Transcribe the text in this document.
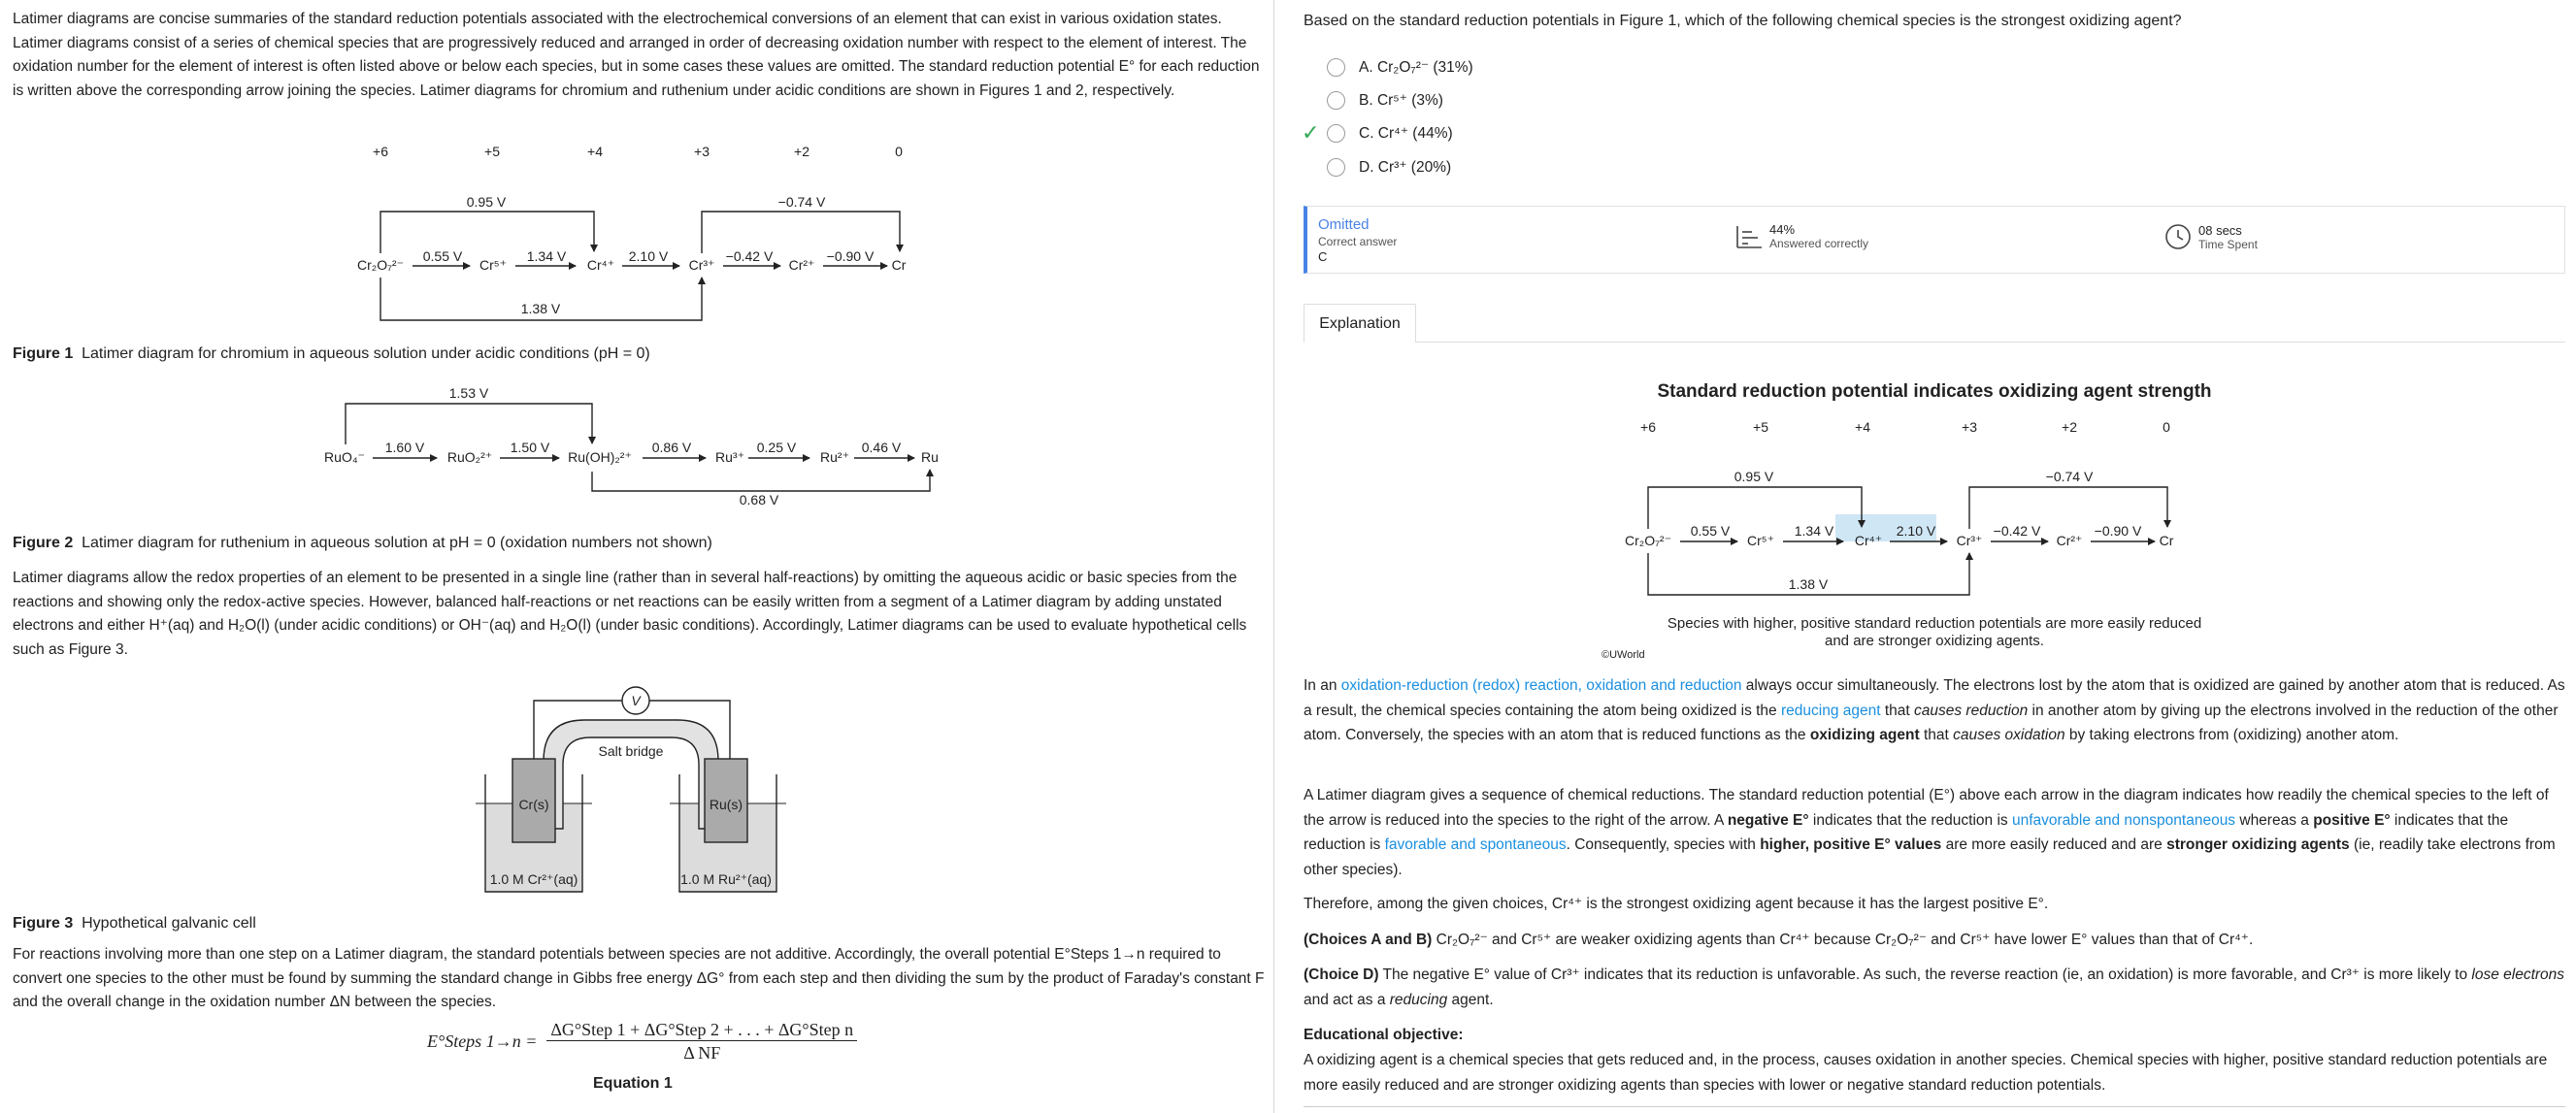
Latimer diagrams are concise summaries of the standard reduction potentials associated with the electrochemical conversions of an element that can exist in various oxidation states. Latimer diagrams consist of a series of chemical species that are progressively reduced and arranged in order of decreasing oxidation number with respect to the element of interest. The oxidation number for the element of interest is often listed above or below each species, but in some cases these values are omitted. The standard reduction potential E° for each reduction is written above the corresponding arrow joining the species. Latimer diagrams for chromium and ruthenium under acidic conditions are shown in Figures 1 and 2, respectively.
+6	+5	+4	+3	+2	0
0.95 V	−0.74 V
1.38 V
0.55 V	1.34 V	2.10 V	−0.42 V	−0.90 V
Cr₂O₇²⁻	Cr⁵⁺	Cr⁴⁺	Cr³⁺	Cr²⁺	Cr
Figure 1 Latimer diagram for chromium in aqueous solution under acidic conditions (pH = 0)
1.53 V
0.68 V
1.60 V	1.50 V	0.86 V	0.25 V	0.46 V
RuO₄⁻	RuO₂²⁺	Ru(OH)₂²⁺	Ru³⁺	Ru²⁺	Ru
Figure 2 Latimer diagram for ruthenium in aqueous solution at pH = 0 (oxidation numbers not shown)
Latimer diagrams allow the redox properties of an element to be presented in a single line (rather than in several half-reactions) by omitting the aqueous acidic or basic species from the reactions and showing only the redox-active species. However, balanced half-reactions or net reactions can be easily written from a segment of a Latimer diagram by adding unstated electrons and either H⁺(aq) and H₂O(l) (under acidic conditions) or OH⁻(aq) and H₂O(l) (under basic conditions). Accordingly, Latimer diagrams can be used to evaluate hypothetical cells such as Figure 3.
V
Salt bridge
Cr(s)	Ru(s)
1.0 M Cr²⁺(aq)	1.0 M Ru²⁺(aq)
Figure 3 Hypothetical galvanic cell
For reactions involving more than one step on a Latimer diagram, the standard potentials between species are not additive. Accordingly, the overall potential E°Steps 1→n required to convert one species to the other must be found by summing the standard change in Gibbs free energy ΔG° from each step and then dividing the sum by the product of Faraday's constant F and the overall change in the oxidation number ΔN between the species.
E°Steps 1→n =
ΔG°Step 1 + ΔG°Step 2 + . . . + ΔG°Step n
Δ NF
Equation 1
Based on the standard reduction potentials in Figure 1, which of the following chemical species is the strongest oxidizing agent?
A. Cr₂O₇²⁻ (31%)
B. Cr⁵⁺ (3%)
✓	C. Cr⁴⁺ (44%)
D. Cr³⁺ (20%)
Omitted
Correct answer
C
44%
Answered correctly
08 secs
Time Spent
Explanation
Standard reduction potential indicates oxidizing agent strength
+6	+5	+4	+3	+2	0
0.95 V	−0.74 V
1.38 V
0.55 V	1.34 V	2.10 V	−0.42 V	−0.90 V
Cr₂O₇²⁻	Cr⁵⁺	Cr⁴⁺	Cr³⁺	Cr²⁺	Cr
Species with higher, positive standard reduction potentials are more easily reduced
and are stronger oxidizing agents.
©UWorld
In an oxidation-reduction (redox) reaction, oxidation and reduction always occur simultaneously. The electrons lost by the atom that is oxidized are gained by another atom that is reduced. As a result, the chemical species containing the atom being oxidized is the reducing agent that causes reduction in another atom by giving up the electrons involved in the reduction of the other atom. Conversely, the species with an atom that is reduced functions as the oxidizing agent that causes oxidation by taking electrons from (oxidizing) another atom.
A Latimer diagram gives a sequence of chemical reductions. The standard reduction potential (E°) above each arrow in the diagram indicates how readily the chemical species to the left of the arrow is reduced into the species to the right of the arrow. A negative E° indicates that the reduction is unfavorable and nonspontaneous whereas a positive E° indicates that the reduction is favorable and spontaneous. Consequently, species with higher, positive E° values are more easily reduced and are stronger oxidizing agents (ie, readily take electrons from other species).
Therefore, among the given choices, Cr⁴⁺ is the strongest oxidizing agent because it has the largest positive E°.
(Choices A and B) Cr₂O₇²⁻ and Cr⁵⁺ are weaker oxidizing agents than Cr⁴⁺ because Cr₂O₇²⁻ and Cr⁵⁺ have lower E° values than that of Cr⁴⁺.
(Choice D) The negative E° value of Cr³⁺ indicates that its reduction is unfavorable. As such, the reverse reaction (ie, an oxidation) is more favorable, and Cr³⁺ is more likely to lose electrons and act as a reducing agent.
Educational objective:
A oxidizing agent is a chemical species that gets reduced and, in the process, causes oxidation in another species. Chemical species with higher, positive standard reduction potentials are more easily reduced and are stronger oxidizing agents than species with lower or negative standard reduction potentials.
